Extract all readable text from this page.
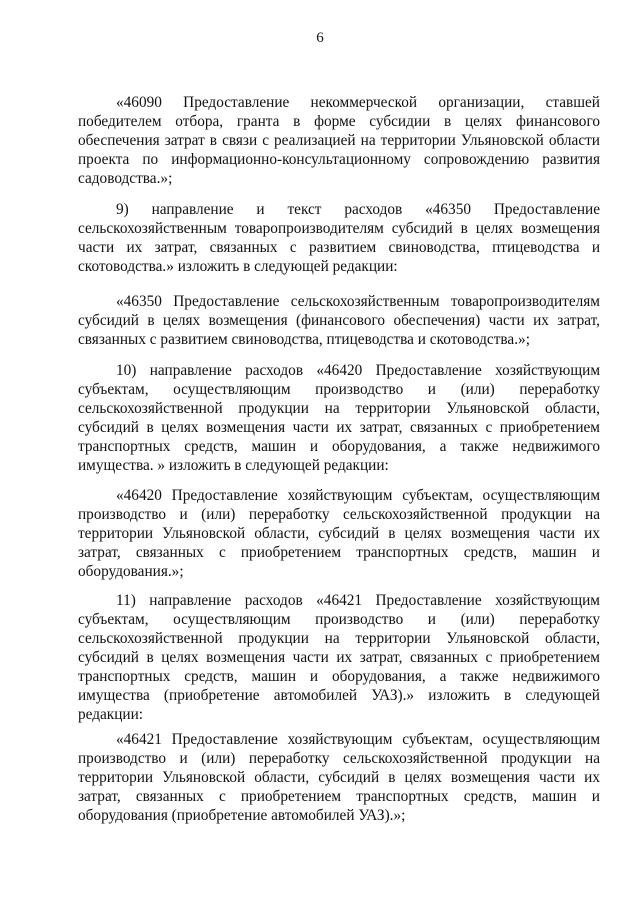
6

«46090 Предоставление некоммерческой организации, ставшей победителем отбора, гранта в форме субсидии в целях финансового обеспечения затрат в связи с реализацией на территории Ульяновской области проекта по информационно-консультационному сопровождению развития садоводства.»;

9) направление и текст расходов «46350 Предоставление сельскохозяйственным товаропроизводителям субсидий в целях возмещения части их затрат, связанных с развитием свиноводства, птицеводства и скотоводства.» изложить в следующей редакции:

«46350 Предоставление сельскохозяйственным товаропроизводителям субсидий в целях возмещения (финансового обеспечения) части их затрат, связанных с развитием свиноводства, птицеводства и скотоводства.»;

10) направление расходов «46420 Предоставление хозяйствующим субъектам, осуществляющим производство и (или) переработку сельскохозяйственной продукции на территории Ульяновской области, субсидий в целях возмещения части их затрат, связанных с приобретением транспортных средств, машин и оборудования, а также недвижимого имущества. » изложить в следующей редакции:

«46420 Предоставление хозяйствующим субъектам, осуществляющим производство и (или) переработку сельскохозяйственной продукции на территории Ульяновской области, субсидий в целях возмещения части их затрат, связанных с приобретением транспортных средств, машин и оборудования.»;

11) направление расходов «46421 Предоставление хозяйствующим субъектам, осуществляющим производство и (или) переработку сельскохозяйственной продукции на территории Ульяновской области, субсидий в целях возмещения части их затрат, связанных с приобретением транспортных средств, машин и оборудования, а также недвижимого имущества (приобретение автомобилей УАЗ).» изложить в следующей редакции:

«46421 Предоставление хозяйствующим субъектам, осуществляющим производство и (или) переработку сельскохозяйственной продукции на территории Ульяновской области, субсидий в целях возмещения части их затрат, связанных с приобретением транспортных средств, машин и оборудования (приобретение автомобилей УАЗ).»;
